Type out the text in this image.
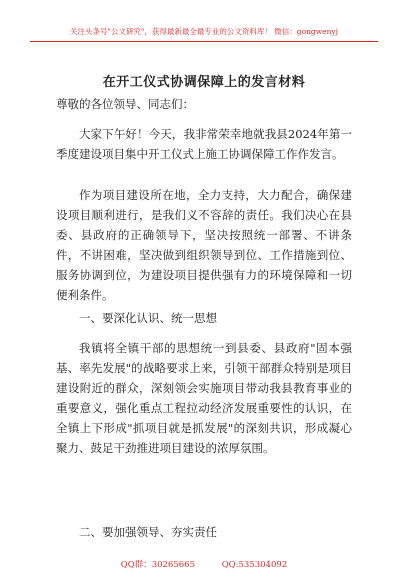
关注头条号"公文研究"，获得最新最全最专业的公文资料库！ 微信：gongwenyj
在开工仪式协调保障上的发言材料

尊敬的各位领导、同志们：

大家下午好！今天，我非常荣幸地就我县2024年第一季度建设项目集中开工仪式上施工协调保障工作作发言。

作为项目建设所在地，全力支持，大力配合，确保建设项目顺利进行，是我们义不容辞的责任。我们决心在县委、县政府的正确领导下，坚决按照统一部署、不讲条件，不讲困难，坚决做到组织领导到位、工作措施到位、服务协调到位，为建设项目提供强有力的环境保障和一切便利条件。

一、要深化认识、统一思想

我镇将全镇干部的思想统一到县委、县政府"固本强基、率先发展"的战略要求上来，引领干部群众特别是项目建设附近的群众，深刻领会实施项目带动我县教育事业的重要意义，强化重点工程拉动经济发展重要性的认识，在全镇上下形成"抓项目就是抓发展"的深刻共识，形成凝心聚力、鼓足干劲推进项目建设的浓厚氛围。

二、要加强领导、夯实责任

QQ群：30265665	QQ:535304092
